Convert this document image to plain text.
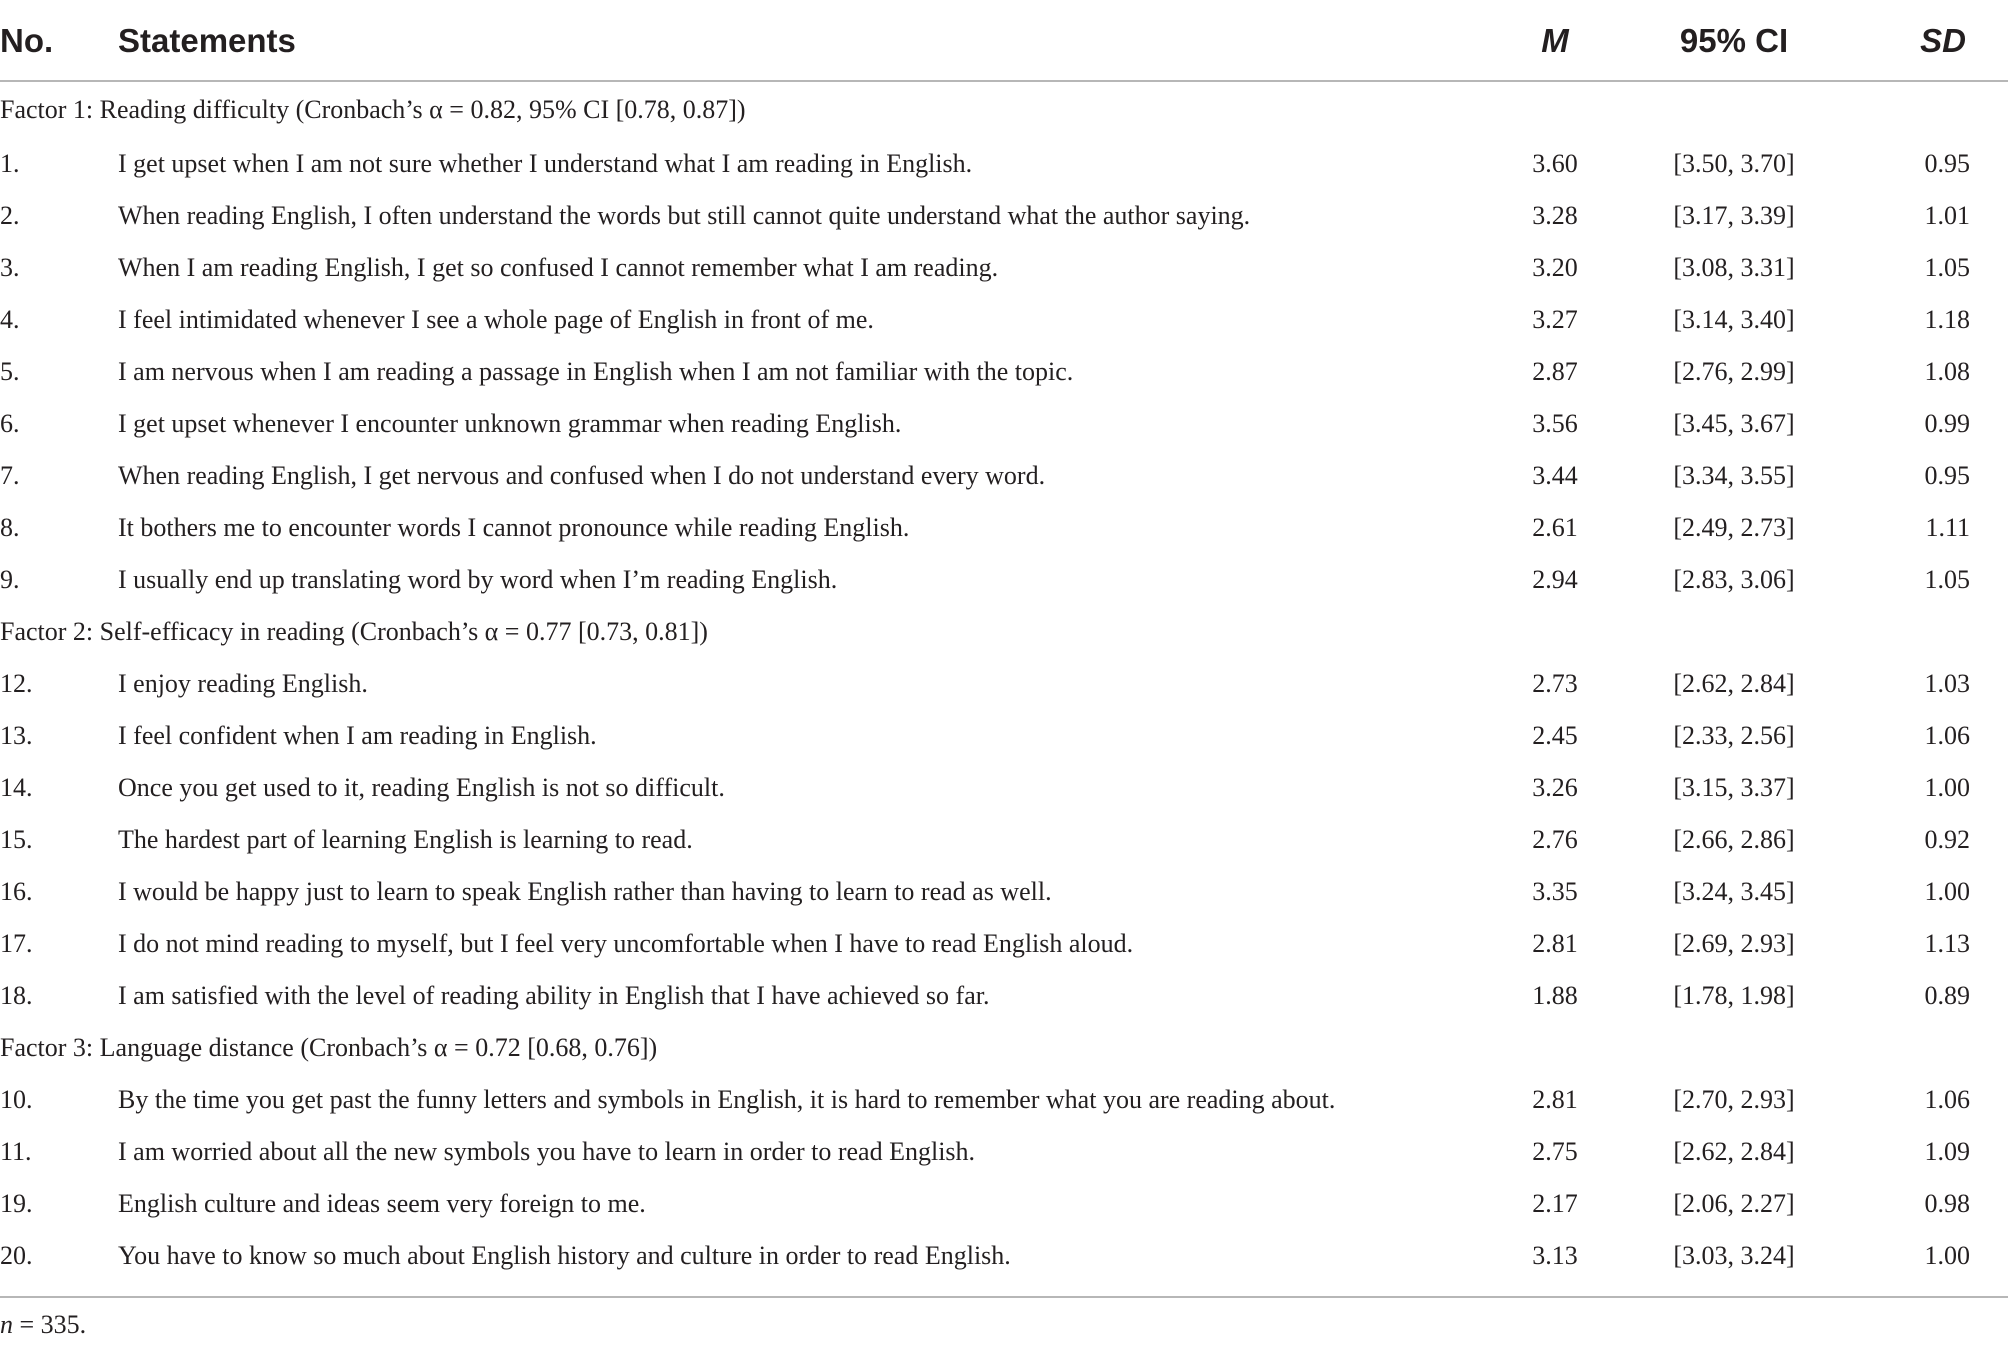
No.	Statements	M	95% CI	SD
Factor 1: Reading difficulty (Cronbach’s α = 0.82, 95% CI [0.78, 0.87])				
1.	I get upset when I am not sure whether I understand what I am reading in English.	3.60	[3.50, 3.70]	0.95
2.	When reading English, I often understand the words but still cannot quite understand what the author saying.	3.28	[3.17, 3.39]	1.01
3.	When I am reading English, I get so confused I cannot remember what I am reading.	3.20	[3.08, 3.31]	1.05
4.	I feel intimidated whenever I see a whole page of English in front of me.	3.27	[3.14, 3.40]	1.18
5.	I am nervous when I am reading a passage in English when I am not familiar with the topic.	2.87	[2.76, 2.99]	1.08
6.	I get upset whenever I encounter unknown grammar when reading English.	3.56	[3.45, 3.67]	0.99
7.	When reading English, I get nervous and confused when I do not understand every word.	3.44	[3.34, 3.55]	0.95
8.	It bothers me to encounter words I cannot pronounce while reading English.	2.61	[2.49, 2.73]	1.11
9.	I usually end up translating word by word when I’m reading English.	2.94	[2.83, 3.06]	1.05
Factor 2: Self-efficacy in reading (Cronbach’s α = 0.77 [0.73, 0.81])				
12.	I enjoy reading English.	2.73	[2.62, 2.84]	1.03
13.	I feel confident when I am reading in English.	2.45	[2.33, 2.56]	1.06
14.	Once you get used to it, reading English is not so difficult.	3.26	[3.15, 3.37]	1.00
15.	The hardest part of learning English is learning to read.	2.76	[2.66, 2.86]	0.92
16.	I would be happy just to learn to speak English rather than having to learn to read as well.	3.35	[3.24, 3.45]	1.00
17.	I do not mind reading to myself, but I feel very uncomfortable when I have to read English aloud.	2.81	[2.69, 2.93]	1.13
18.	I am satisfied with the level of reading ability in English that I have achieved so far.	1.88	[1.78, 1.98]	0.89
Factor 3: Language distance (Cronbach’s α = 0.72 [0.68, 0.76])				
10.	By the time you get past the funny letters and symbols in English, it is hard to remember what you are reading about.	2.81	[2.70, 2.93]	1.06
11.	I am worried about all the new symbols you have to learn in order to read English.	2.75	[2.62, 2.84]	1.09
19.	English culture and ideas seem very foreign to me.	2.17	[2.06, 2.27]	0.98
20.	You have to know so much about English history and culture in order to read English.	3.13	[3.03, 3.24]	1.00
n = 335.
